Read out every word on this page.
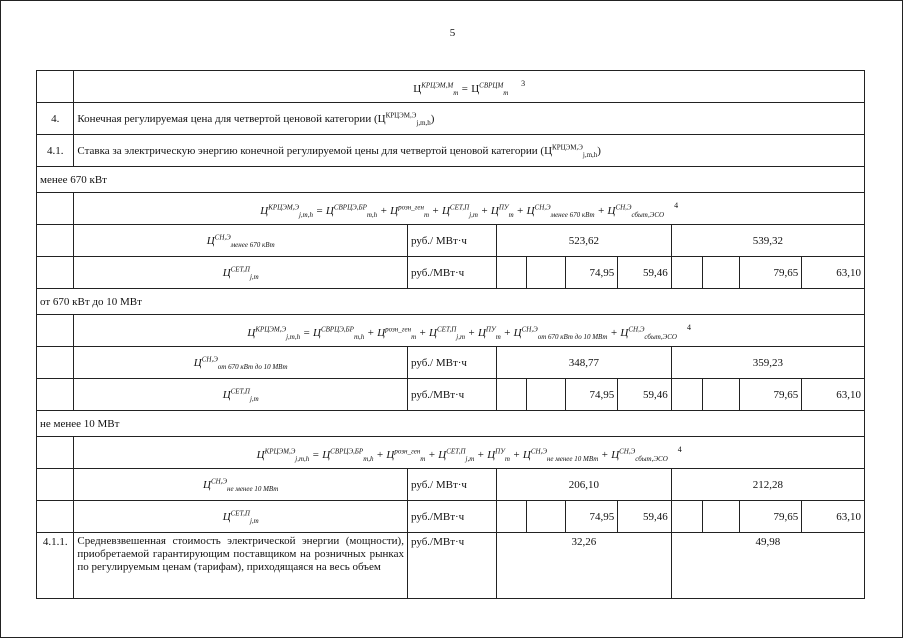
5
	$Ц^{КРЦЭМ,М}_m = Ц^{СВРЦМ}_m$ $^3$
4.	Конечная регулируемая цена для четвертой ценовой категории $(Ц^{КРЦЭМ,Э}_{j,m,h})$									
4.1.	Ставка за электрическую энергию конечной регулируемой цены для четвертой ценовой категории $(Ц^{КРЦЭМ,Э}_{j,m,h})$									
менее 670 кВт										
	$Ц^{КРЦЭМ,Э}_{j,m,h} = Ц^{СВРЦЭ,БР}_{m,h} + Ц^{розн\_ген}_m + Ц^{СЕТ,П}_{j,m} + Ц^{ПУ}_m + Ц^{СН,Э}_{менее 670 кВт} + Ц^{СН,Э}_{сбыт,ЭСО}^4$
	$Ц^{СН,Э}_{менее 670 кВт}$	руб./ МВт·ч	523,62				539,32			
	$Ц^{СЕТ,П}_{j,m}$	руб./МВт·ч			74,95	59,46			79,65	63,10
от 670 кВт до 10 МВт										
	$Ц^{КРЦЭМ,Э}_{j,m,h} = Ц^{СВРЦЭ,БР}_{m,h} + Ц^{розн\_ген}_m + Ц^{СЕТ,П}_{j,m} + Ц^{ПУ}_m + Ц^{СН,Э}_{от 670 кВт до 10 МВт} + Ц^{СН,Э}_{сбыт,ЭСО}^4$
	$Ц^{СН,Э}_{от 670 кВт до 10 МВт}$	руб./ МВт·ч	348,77				359,23			
	$Ц^{СЕТ,П}_{j,m}$	руб./МВт·ч			74,95	59,46			79,65	63,10
не менее 10 МВт										
	$Ц^{КРЦЭМ,Э}_{j,m,h} = Ц^{СВРЦЭ,БР}_{m,h} + Ц^{розн\_ген}_m + Ц^{СЕТ,П}_{j,m} + Ц^{ПУ}_m + Ц^{СН,Э}_{не менее 10 МВт} + Ц^{СН,Э}_{сбыт,ЭСО}^4$
	$Ц^{СН,Э}_{не менее 10 МВт}$	руб./ МВт·ч	206,10				212,28			
	$Ц^{СЕТ,П}_{j,m}$	руб./МВт·ч			74,95	59,46			79,65	63,10
4.1.1.	Средневзвешенная стоимость электрической энергии (мощности), приобретаемой гарантирующим поставщиком на розничных рынках по регулируемым ценам (тарифам), приходящаяся на весь объем	руб./МВт·ч	32,26				49,98			
